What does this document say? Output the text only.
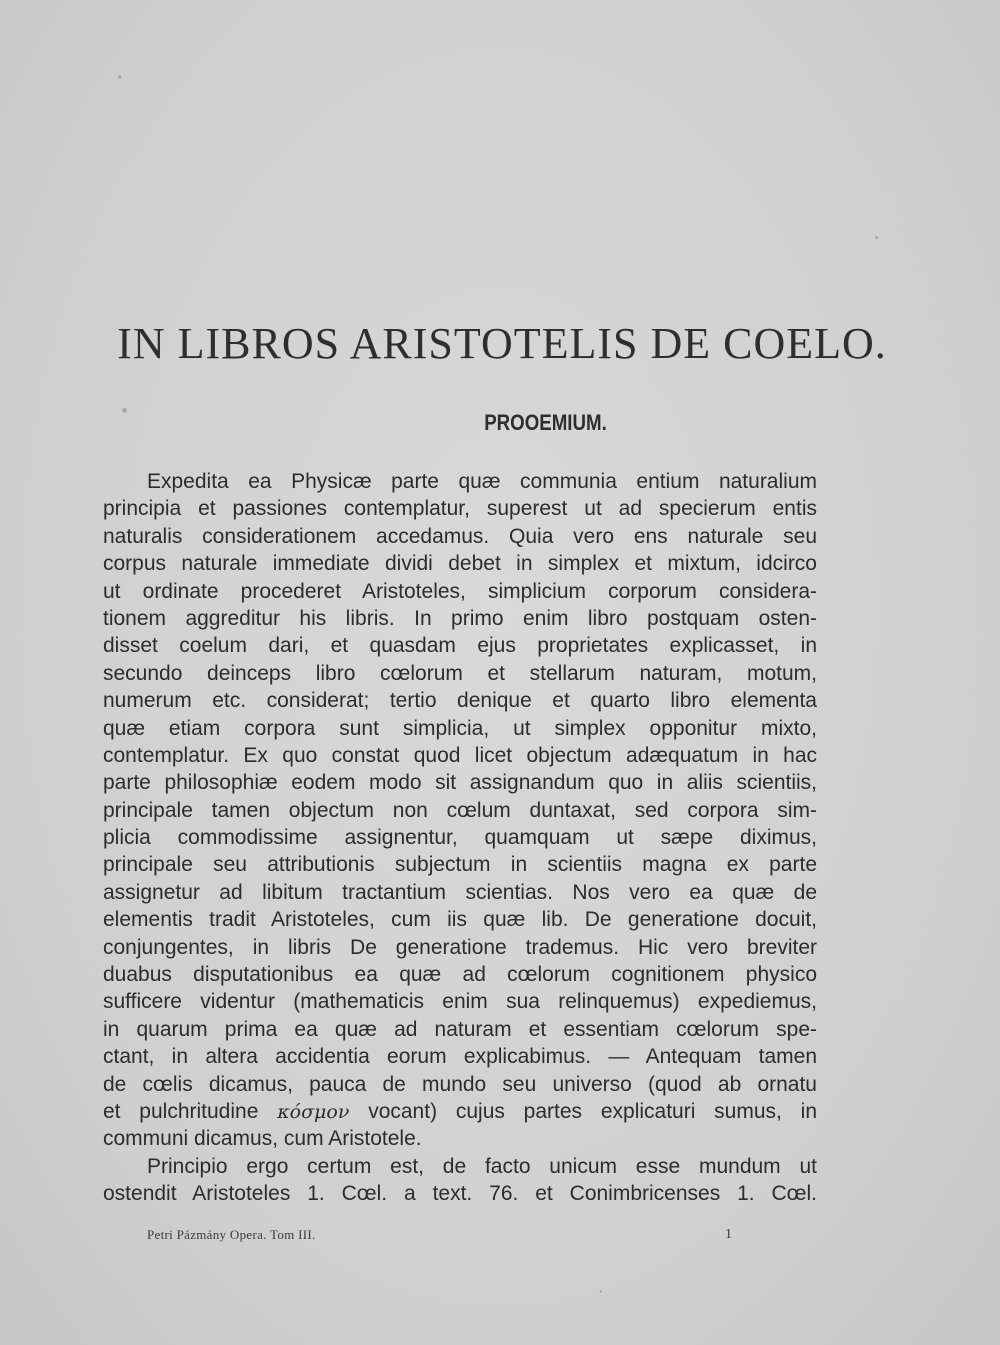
IN LIBROS ARISTOTELIS DE COELO.
PROOEMIUM.
Expedita ea Physicæ parte quæ communia entium naturalium
principia et passiones contemplatur, superest ut ad specierum entis
naturalis considerationem accedamus. Quia vero ens naturale seu
corpus naturale immediate dividi debet in simplex et mixtum, idcirco
ut ordinate procederet Aristoteles, simplicium corporum considera-
tionem aggreditur his libris. In primo enim libro postquam osten-
disset coelum dari, et quasdam ejus proprietates explicasset, in
secundo deinceps libro cœlorum et stellarum naturam, motum,
numerum etc. considerat; tertio denique et quarto libro elementa
quæ etiam corpora sunt simplicia, ut simplex opponitur mixto,
contemplatur. Ex quo constat quod licet objectum adæquatum in hac
parte philosophiæ eodem modo sit assignandum quo in aliis scientiis,
principale tamen objectum non cœlum duntaxat, sed corpora sim-
plicia commodissime assignentur, quamquam ut sæpe diximus,
principale seu attributionis subjectum in scientiis magna ex parte
assignetur ad libitum tractantium scientias. Nos vero ea quæ de
elementis tradit Aristoteles, cum iis quæ lib. De generatione docuit,
conjungentes, in libris De generatione trademus. Hic vero breviter
duabus disputationibus ea quæ ad cœlorum cognitionem physico
sufficere videntur (mathematicis enim sua relinquemus) expediemus,
in quarum prima ea quæ ad naturam et essentiam cœlorum spe-
ctant, in altera accidentia eorum explicabimus. — Antequam tamen
de cœlis dicamus, pauca de mundo seu universo (quod ab ornatu
et pulchritudine κόσμον vocant) cujus partes explicaturi sumus, in
communi dicamus, cum Aristotele.
Principio ergo certum est, de facto unicum esse mundum ut
ostendit Aristoteles 1. Cœl. a text. 76. et Conimbricenses 1. Cœl.
Petri Pázmány Opera. Tom III.	1
